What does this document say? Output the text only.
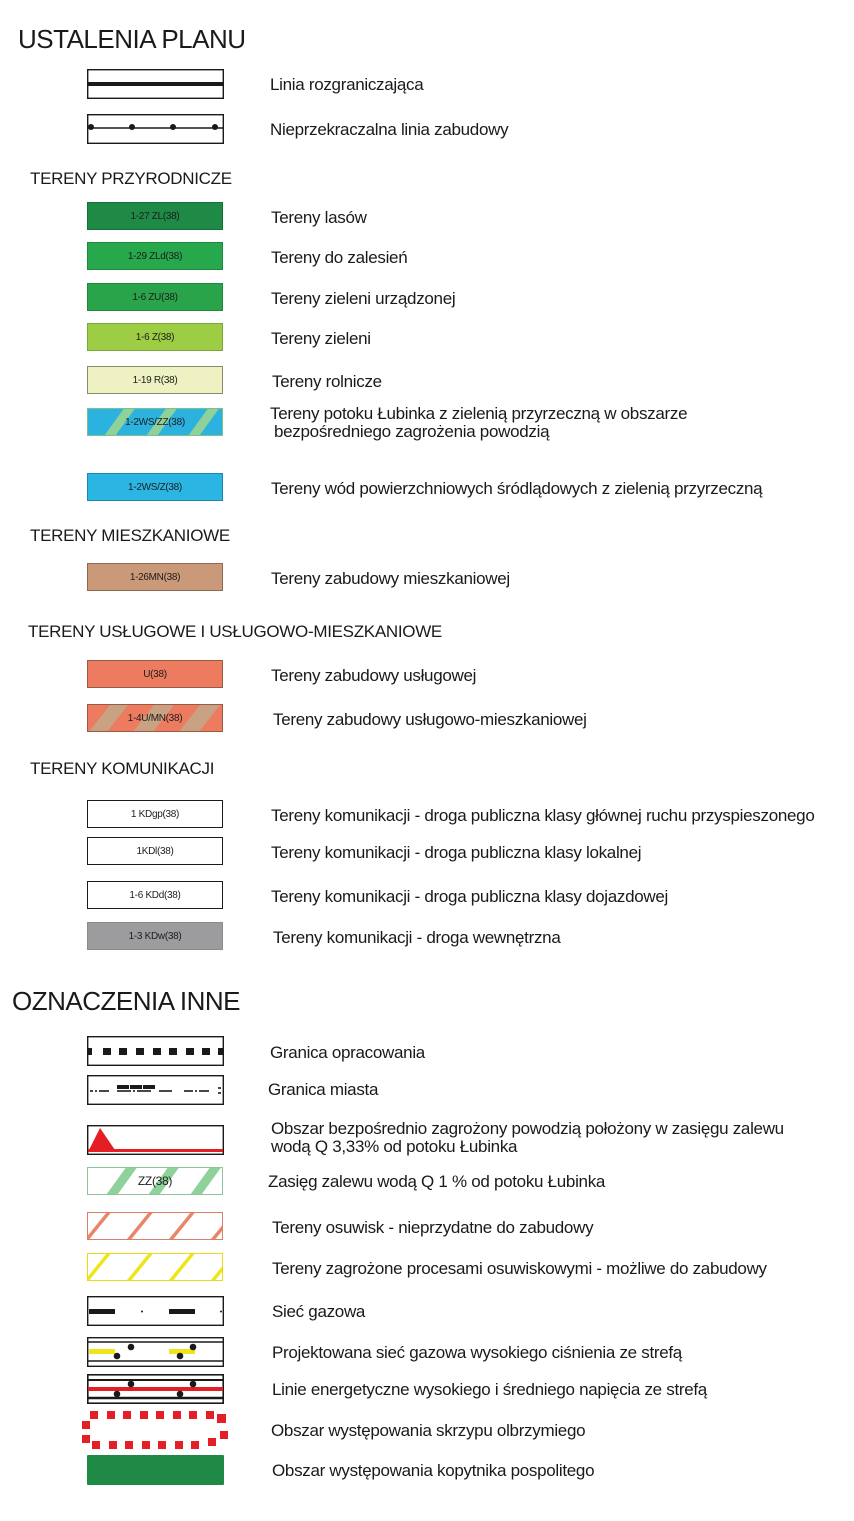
USTALENIA PLANU
Linia rozgraniczająca
Nieprzekraczalna linia zabudowy
TERENY PRZYRODNICZE
1-27 ZL(38)	Tereny lasów
1-29 ZLd(38)	Tereny do zalesień
1-6 ZU(38)	Tereny zieleni urządzonej
1-6 Z(38)	Tereny zieleni
1-19 R(38)	Tereny rolnicze
1-2WS/ZZ(38)	Tereny potoku Łubinka z zielenią przyrzeczną w obszarze
bezpośredniego zagrożenia powodzią
1-2WS/Z(38)	Tereny wód powierzchniowych śródlądowych z zielenią przyrzeczną
TERENY MIESZKANIOWE
1-26MN(38)	Tereny zabudowy mieszkaniowej
TERENY USŁUGOWE I USŁUGOWO-MIESZKANIOWE
U(38)	Tereny zabudowy usługowej
1-4U/MN(38)	Tereny zabudowy usługowo-mieszkaniowej
TERENY KOMUNIKACJI
1 KDgp(38)	Tereny komunikacji - droga publiczna klasy głównej ruchu przyspieszonego
1KDl(38)	Tereny komunikacji - droga publiczna klasy lokalnej
1-6 KDd(38)	Tereny komunikacji - droga publiczna klasy dojazdowej
1-3 KDw(38)	Tereny komunikacji - droga wewnętrzna
OZNACZENIA INNE
Granica opracowania
Granica miasta
Obszar bezpośrednio zagrożony powodzią położony w zasięgu zalewu
wodą Q 3,33% od potoku Łubinka
ZZ(38)	Zasięg zalewu wodą Q 1 % od potoku Łubinka
Tereny osuwisk - nieprzydatne do zabudowy
Tereny zagrożone procesami osuwiskowymi - możliwe do zabudowy
Sieć gazowa
Projektowana sieć gazowa wysokiego ciśnienia ze strefą
Linie energetyczne wysokiego i średniego napięcia ze strefą
Obszar występowania skrzypu olbrzymiego
Obszar występowania kopytnika pospolitego
